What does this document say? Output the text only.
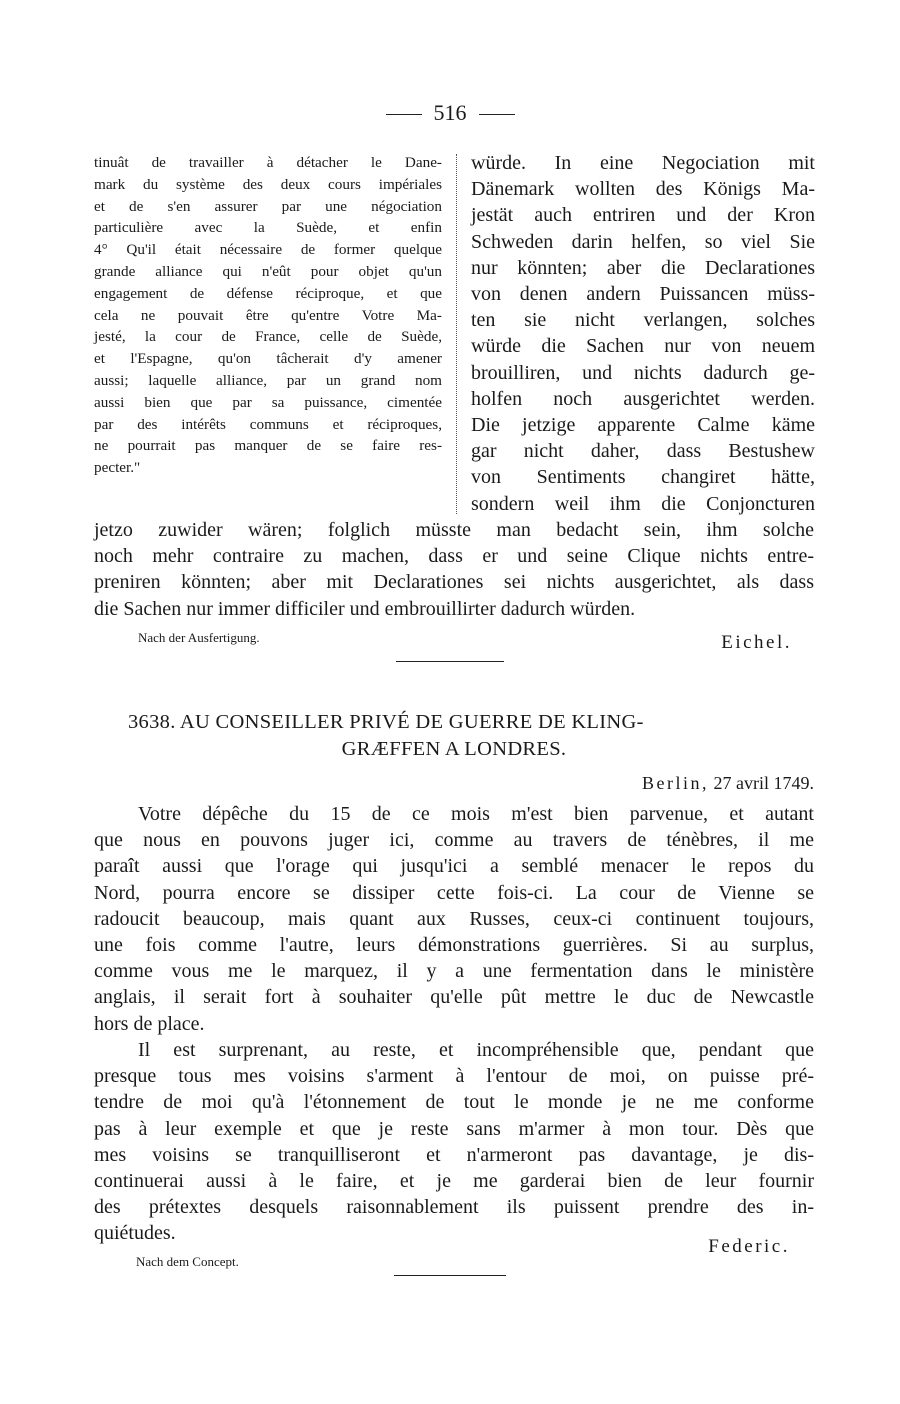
516
tinuât de travailler à détacher le Dane-
mark du système des deux cours impériales
et de s'en assurer par une négociation
particulière avec la Suède, et enfin
4° Qu'il était nécessaire de former quelque
grande alliance qui n'eût pour objet qu'un
engagement de défense réciproque, et que
cela ne pouvait être qu'entre Votre Ma-
jesté, la cour de France, celle de Suède,
et l'Espagne, qu'on tâcherait d'y amener
aussi; laquelle alliance, par un grand nom
aussi bien que par sa puissance, cimentée
par des intérêts communs et réciproques,
ne pourrait pas manquer de se faire res-
pecter."
würde. In eine Negociation mit
Dänemark wollten des Königs Ma-
jestät auch entriren und der Kron
Schweden darin helfen, so viel Sie
nur könnten; aber die Declarationes
von denen andern Puissancen müss-
ten sie nicht verlangen, solches
würde die Sachen nur von neuem
brouilliren, und nichts dadurch ge-
holfen noch ausgerichtet werden.
Die jetzige apparente Calme käme
gar nicht daher, dass Bestushew
von Sentiments changiret hätte,
sondern weil ihm die Conjoncturen
jetzo zuwider wären; folglich müsste man bedacht sein, ihm solche
noch mehr contraire zu machen, dass er und seine Clique nichts entre-
preniren könnten; aber mit Declarationes sei nichts ausgerichtet, als dass
die Sachen nur immer difficiler und embrouillirter dadurch würden.
Nach der Ausfertigung.	Eichel.
3638. AU CONSEILLER PRIVÉ DE GUERRE DE KLING-
GRÆFFEN A LONDRES.
Berlin, 27 avril 1749.
Votre dépêche du 15 de ce mois m'est bien parvenue, et autant
que nous en pouvons juger ici, comme au travers de ténèbres, il me
paraît aussi que l'orage qui jusqu'ici a semblé menacer le repos du
Nord, pourra encore se dissiper cette fois-ci. La cour de Vienne se
radoucit beaucoup, mais quant aux Russes, ceux-ci continuent toujours,
une fois comme l'autre, leurs démonstrations guerrières. Si au surplus,
comme vous me le marquez, il y a une fermentation dans le ministère
anglais, il serait fort à souhaiter qu'elle pût mettre le duc de Newcastle
hors de place.
Il est surprenant, au reste, et incompréhensible que, pendant que
presque tous mes voisins s'arment à l'entour de moi, on puisse pré-
tendre de moi qu'à l'étonnement de tout le monde je ne me conforme
pas à leur exemple et que je reste sans m'armer à mon tour. Dès que
mes voisins se tranquilliseront et n'armeront pas davantage, je dis-
continuerai aussi à le faire, et je me garderai bien de leur fournir
des prétextes desquels raisonnablement ils puissent prendre des in-
quiétudes.
Federic.
Nach dem Concept.
